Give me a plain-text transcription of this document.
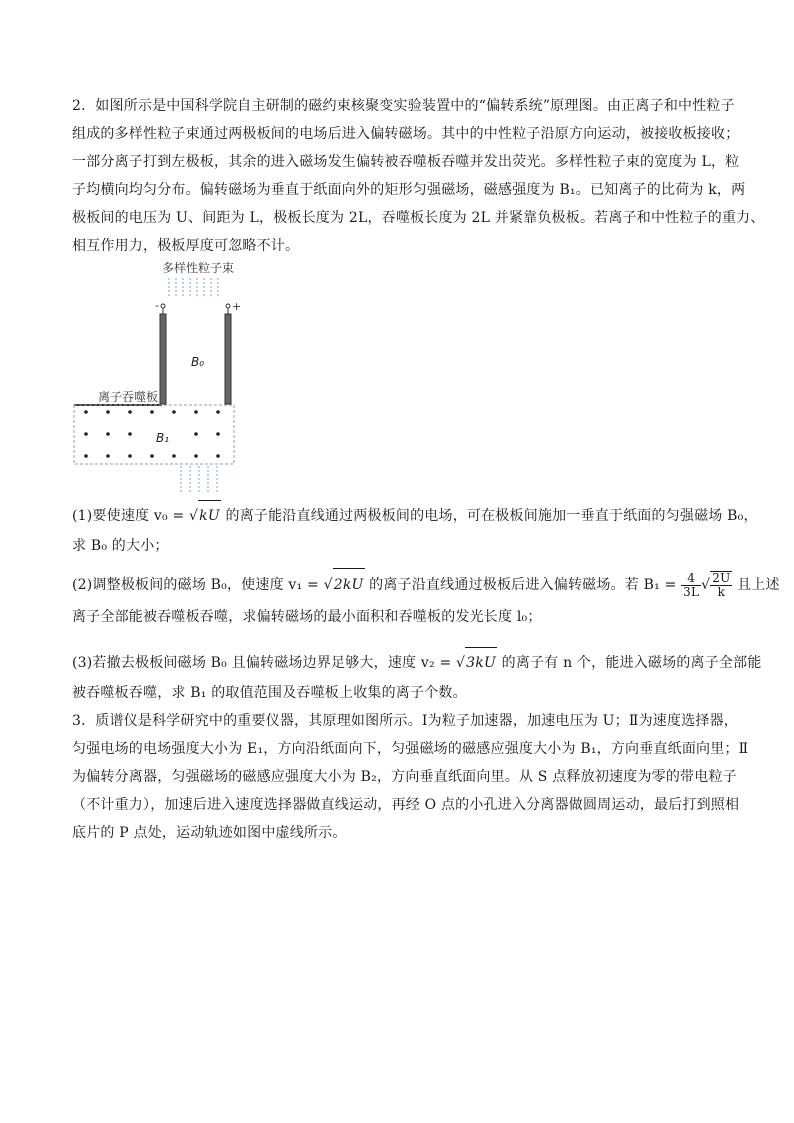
2．如图所示是中国科学院自主研制的磁约束核聚变实验装置中的“偏转系统”原理图。由正离子和中性粒子
组成的多样性粒子束通过两极板间的电场后进入偏转磁场。其中的中性粒子沿原方向运动，被接收板接收；
一部分离子打到左极板，其余的进入磁场发生偏转被吞噬板吞噬并发出荧光。多样性粒子束的宽度为 L，粒
子均横向均匀分布。偏转磁场为垂直于纸面向外的矩形匀强磁场，磁感强度为 B₁。已知离子的比荷为 k，两
极板间的电压为 U、间距为 L，极板长度为 2L，吞噬板长度为 2L 并紧靠负极板。若离子和中性粒子的重力、
相互作用力，极板厚度可忽略不计。
多样性粒子束
-	+
B₀
离子吞噬板
B₁
(1)要使速度 v₀ = √kU 的离子能沿直线通过两极板间的电场，可在极板间施加一垂直于纸面的匀强磁场 B₀，
求 B₀ 的大小；
(2)调整极板间的磁场 B₀，使速度 v₁ = √2kU 的离子沿直线通过极板后进入偏转磁场。若 $B_1 = \frac{4}{3L}$ √ $\frac{2U}{k}$ 且上述
离子全部能被吞噬板吞噬，求偏转磁场的最小面积和吞噬板的发光长度 l₀；
(3)若撤去极板间磁场 B₀ 且偏转磁场边界足够大，速度 v₂ = √3kU 的离子有 n 个，能进入磁场的离子全部能
被吞噬板吞噬，求 B₁ 的取值范围及吞噬板上收集的离子个数。
3．质谱仪是科学研究中的重要仪器，其原理如图所示。Ⅰ为粒子加速器，加速电压为 U；Ⅱ为速度选择器，
匀强电场的电场强度大小为 E₁，方向沿纸面向下，匀强磁场的磁感应强度大小为 B₁，方向垂直纸面向里；Ⅱ
为偏转分离器，匀强磁场的磁感应强度大小为 B₂，方向垂直纸面向里。从 S 点释放初速度为零的带电粒子
（不计重力），加速后进入速度选择器做直线运动，再经 O 点的小孔进入分离器做圆周运动，最后打到照相
底片的 P 点处，运动轨迹如图中虚线所示。
